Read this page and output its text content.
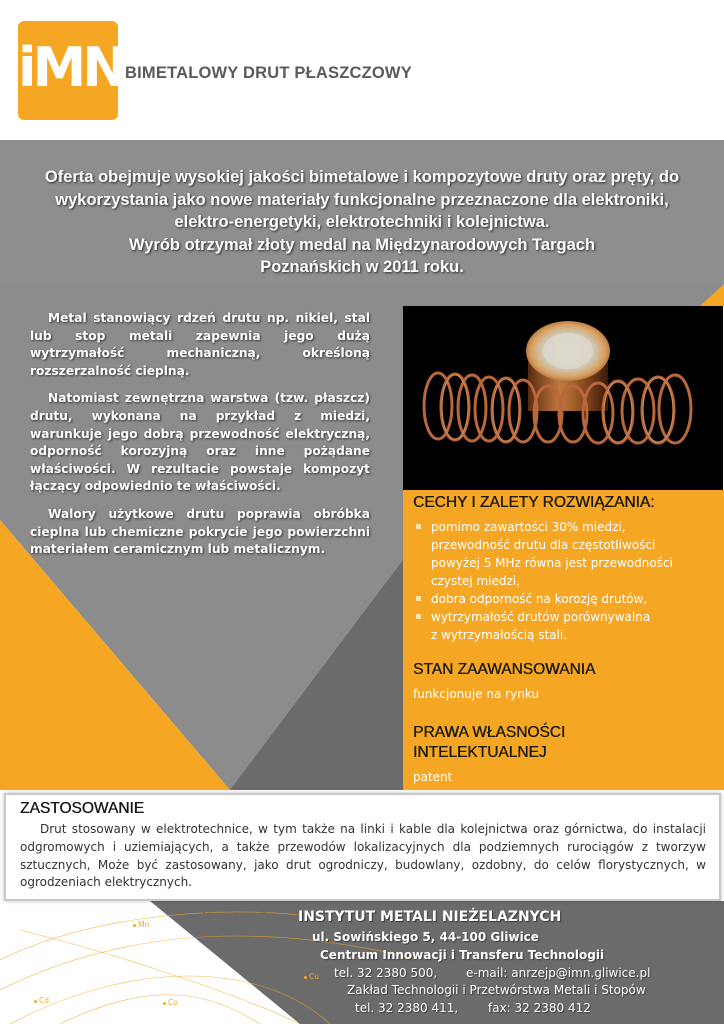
iMN BIMETALOWY DRUT PŁASZCZOWY
Oferta obejmuje wysokiej jakości bimetalowe i kompozytowe druty oraz pręty, do
wykorzystania jako nowe materiały funkcjonalne przeznaczone dla elektroniki,
elektro-energetyki, elektrotechniki i kolejnictwa.
Wyrób otrzymał złoty medal na Międzynarodowych Targach
Poznańskich w 2011 roku.

Metal stanowiący rdzeń drutu np. nikiel, stal lub stop metali zapewnia jego dużą wytrzymałość mechaniczną, określoną rozszerzalność cieplną.

Natomiast zewnętrzna warstwa (tzw. płaszcz) drutu, wykonana na przykład z miedzi, warunkuje jego dobrą przewodność elektryczną, odporność korozyjną oraz inne pożądane właściwości. W rezultacie powstaje kompozyt łączący odpowiednio te właściwości.

Walory użytkowe drutu poprawia obróbka cieplna lub chemiczne pokrycie jego powierzchni materiałem ceramicznym lub metalicznym.

CECHY I ZALETY ROZWIĄZANIA:
pomimo zawartości 30% miedzi,
przewodność drutu dla częstotliwości
powyżej 5 MHz równa jest przewodności
czystej miedzi,
dobra odporność na korozję drutów,
wytrzymałość drutów porównywalna
z wytrzymałością stali.
STAN ZAAWANSOWANIA
funkcjonuje na rynku
PRAWA WŁASNOŚCI
INTELEKTUALNEJ
patent
ZASTOSOWANIE
Drut stosowany w elektrotechnice, w tym także na linki i kable dla kolejnictwa oraz górnictwa, do instalacji odgromowych i uziemiających, a także przewodów lokalizacyjnych dla podziemnych rurociągów z tworzyw sztucznych, Może być zastosowany, jako drut ogrodniczy, budowlany, ozdobny, do celów florystycznych, w ogrodzeniach elektrycznych.
KONTAKT INSTYTUT METALI NIEŻELAZNYCH
ul. Sowińskiego 5, 44-100 Gliwice
Centrum Innowacji i Transferu Technologii
tel. 32 2380 500, e-mail: anrzejp@imn.gliwice.pl
Zakład Technologii i Przetwórstwa Metali i Stopów
tel. 32 2380 411, fax: 32 2380 412
Mn
Cu
Cd	Co
